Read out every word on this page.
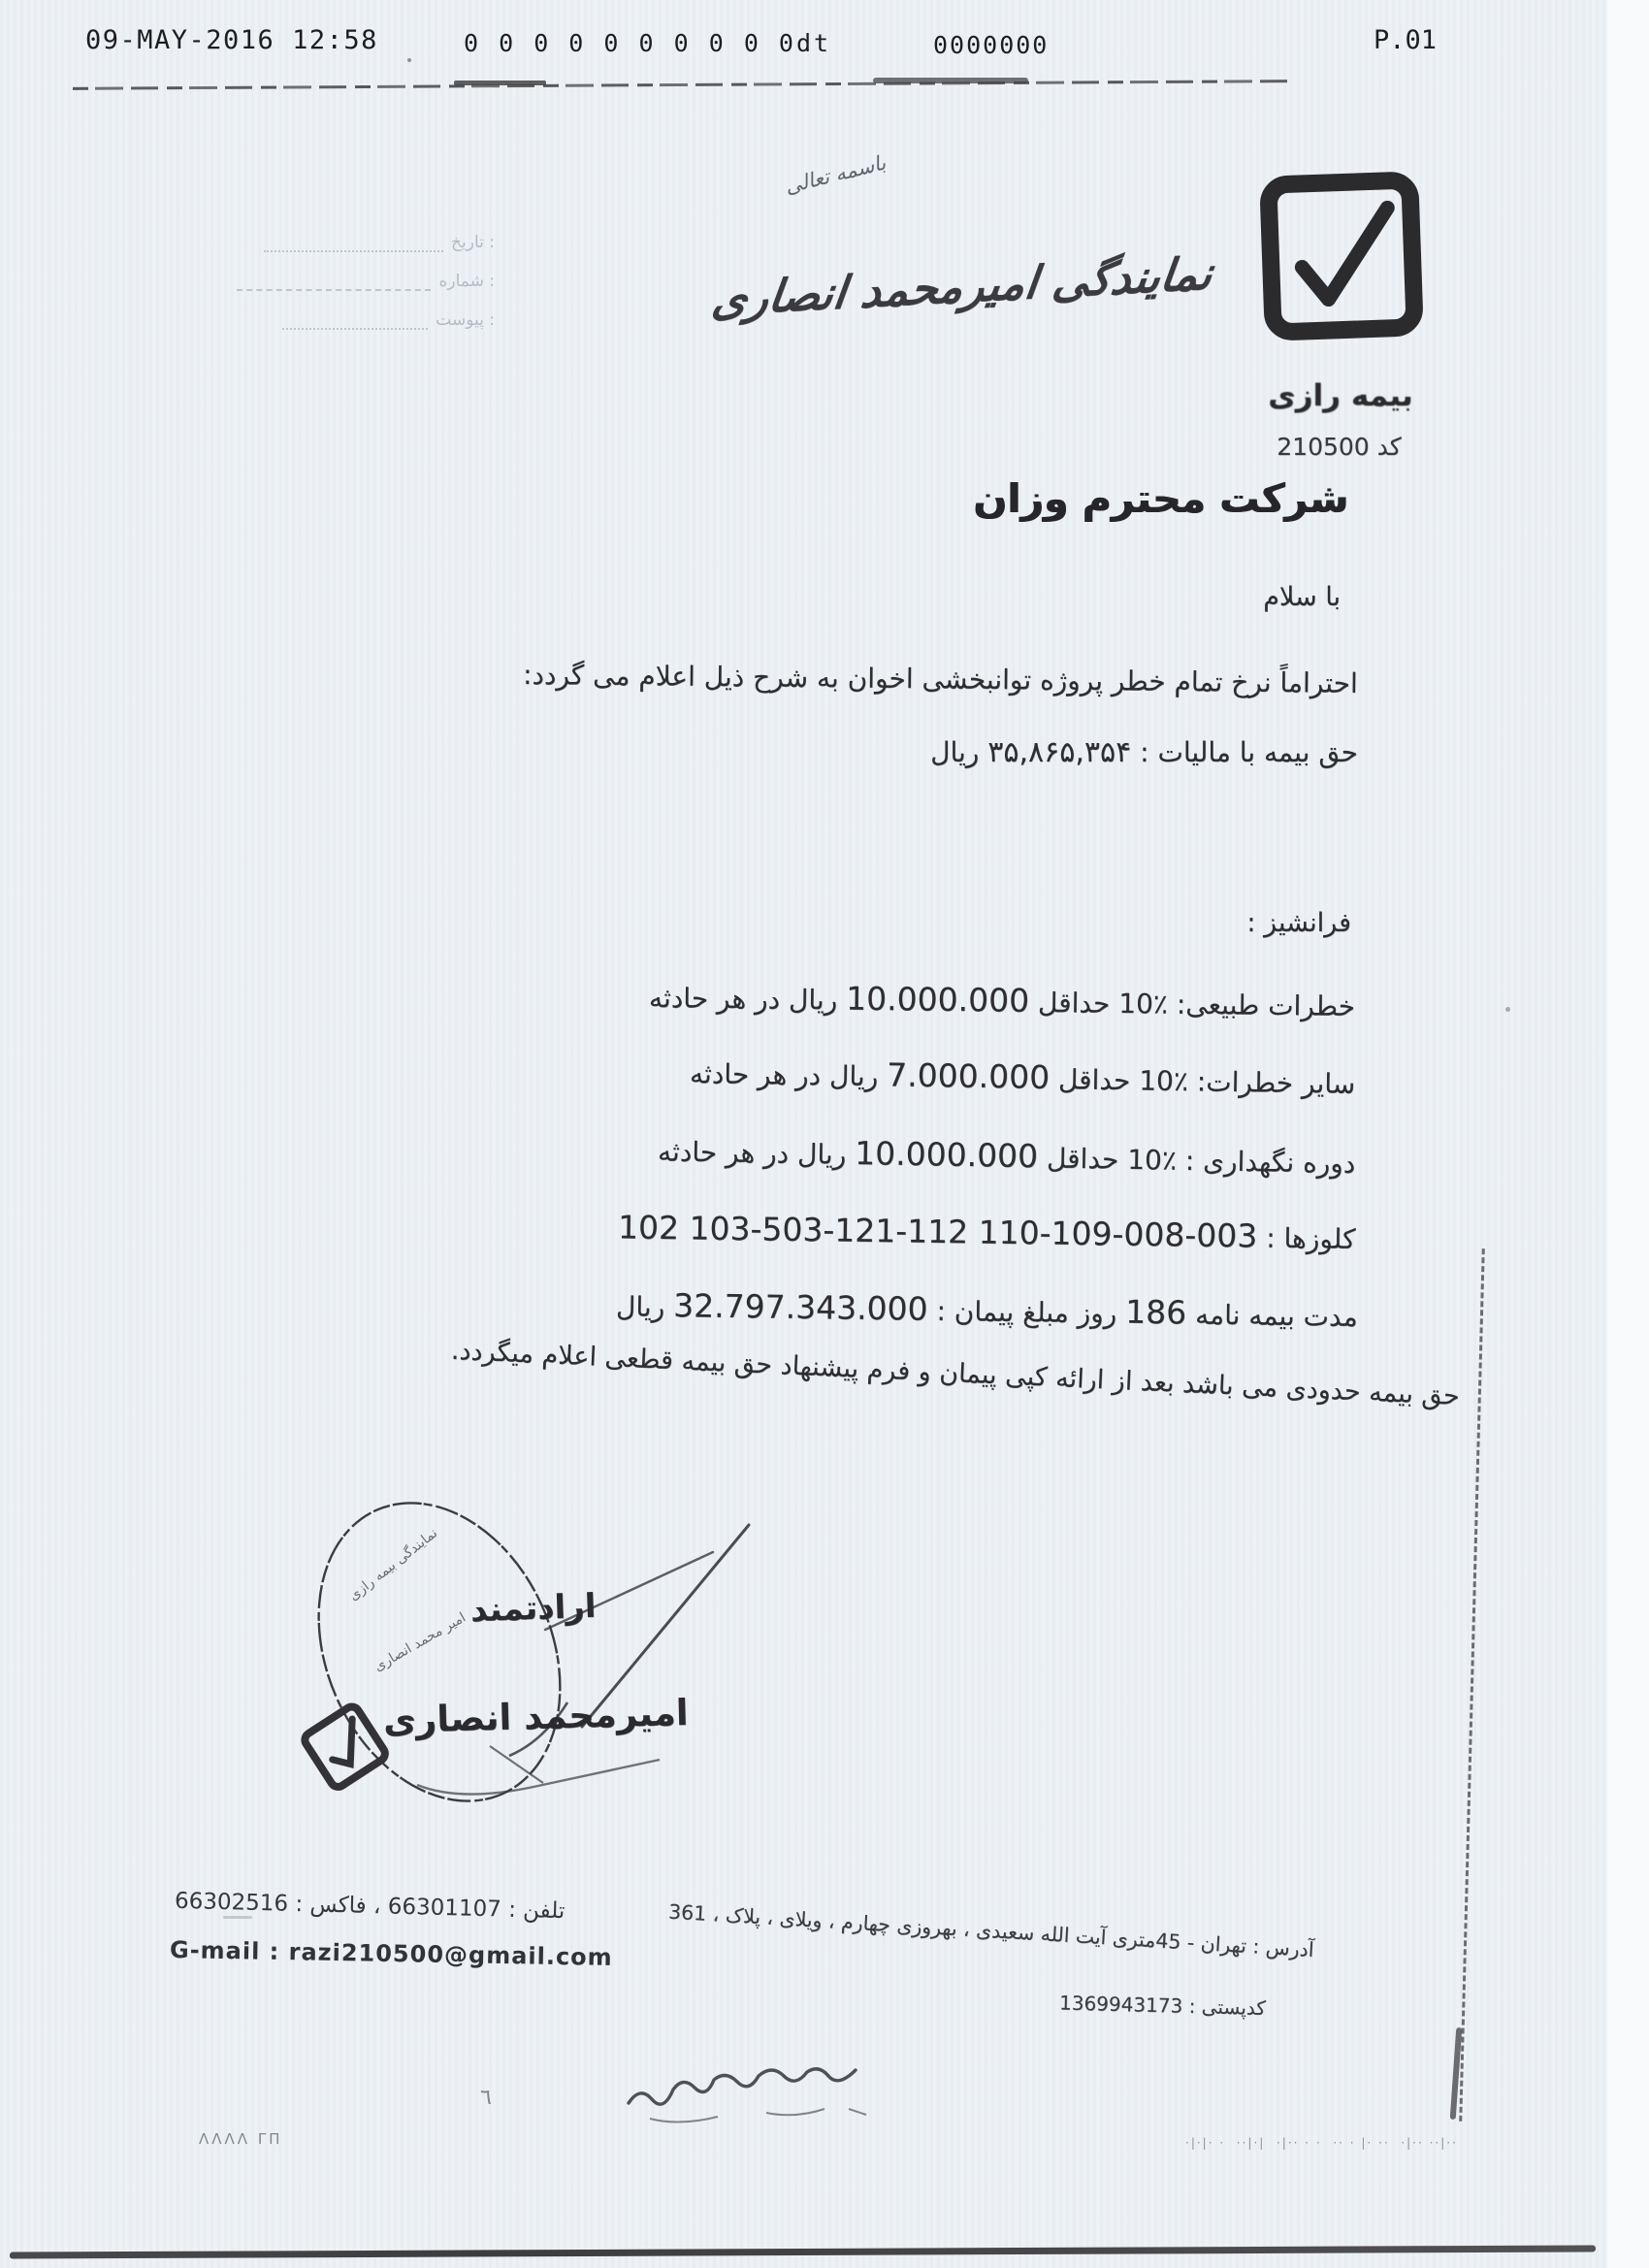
09-MAY-2016 12:58	0 0 0 0 0 0 0 0 0 0dt	0000000	P.01
باسمه تعالی
تاریخ :
شماره :
پیوست :	نمایندگی امیرمحمد انصاری
بیمه رازی
کد 210500
شرکت محترم وزان
با سلام
احتراماً نرخ تمام خطر پروژه توانبخشی اخوان به شرح ذیل اعلام می گردد:
حق بیمه با مالیات : ۳۵,۸۶۵,۳۵۴ ریال
فرانشیز :
خطرات طبیعی: ٪10 حداقل 10.000.000 ریال در هر حادثه
سایر خطرات: ٪10 حداقل 7.000.000 ریال در هر حادثه
دوره نگهداری : ٪10 حداقل 10.000.000 ریال در هر حادثه
کلوزها : 102 103-503-121-112 110-109-008-003
مدت بیمه نامه 186 روز مبلغ پیمان : 32.797.343.000 ریال
حق بیمه حدودی می باشد بعد از ارائه کپی پیمان و فرم پیشنهاد حق بیمه قطعی اعلام میگردد.
نمایندگی بیمه رازی
امیر محمد انصاری
ارادتمند
امیرمحمد انصاری
تلفن : 66301107 ، فاکس : 66302516
G-mail : razi210500@gmail.com
آدرس : تهران - 45متری آیت الله سعیدی ، بهروزی چهارم ، ویلای ، پلاک ، 361
کدپستی : 1369943173
٦
ΛΛΛΛ ΓΠ	·|·|· ·  ··|·|  ·|·· · ·  ·· · |· ··  ·|·· ··|··
